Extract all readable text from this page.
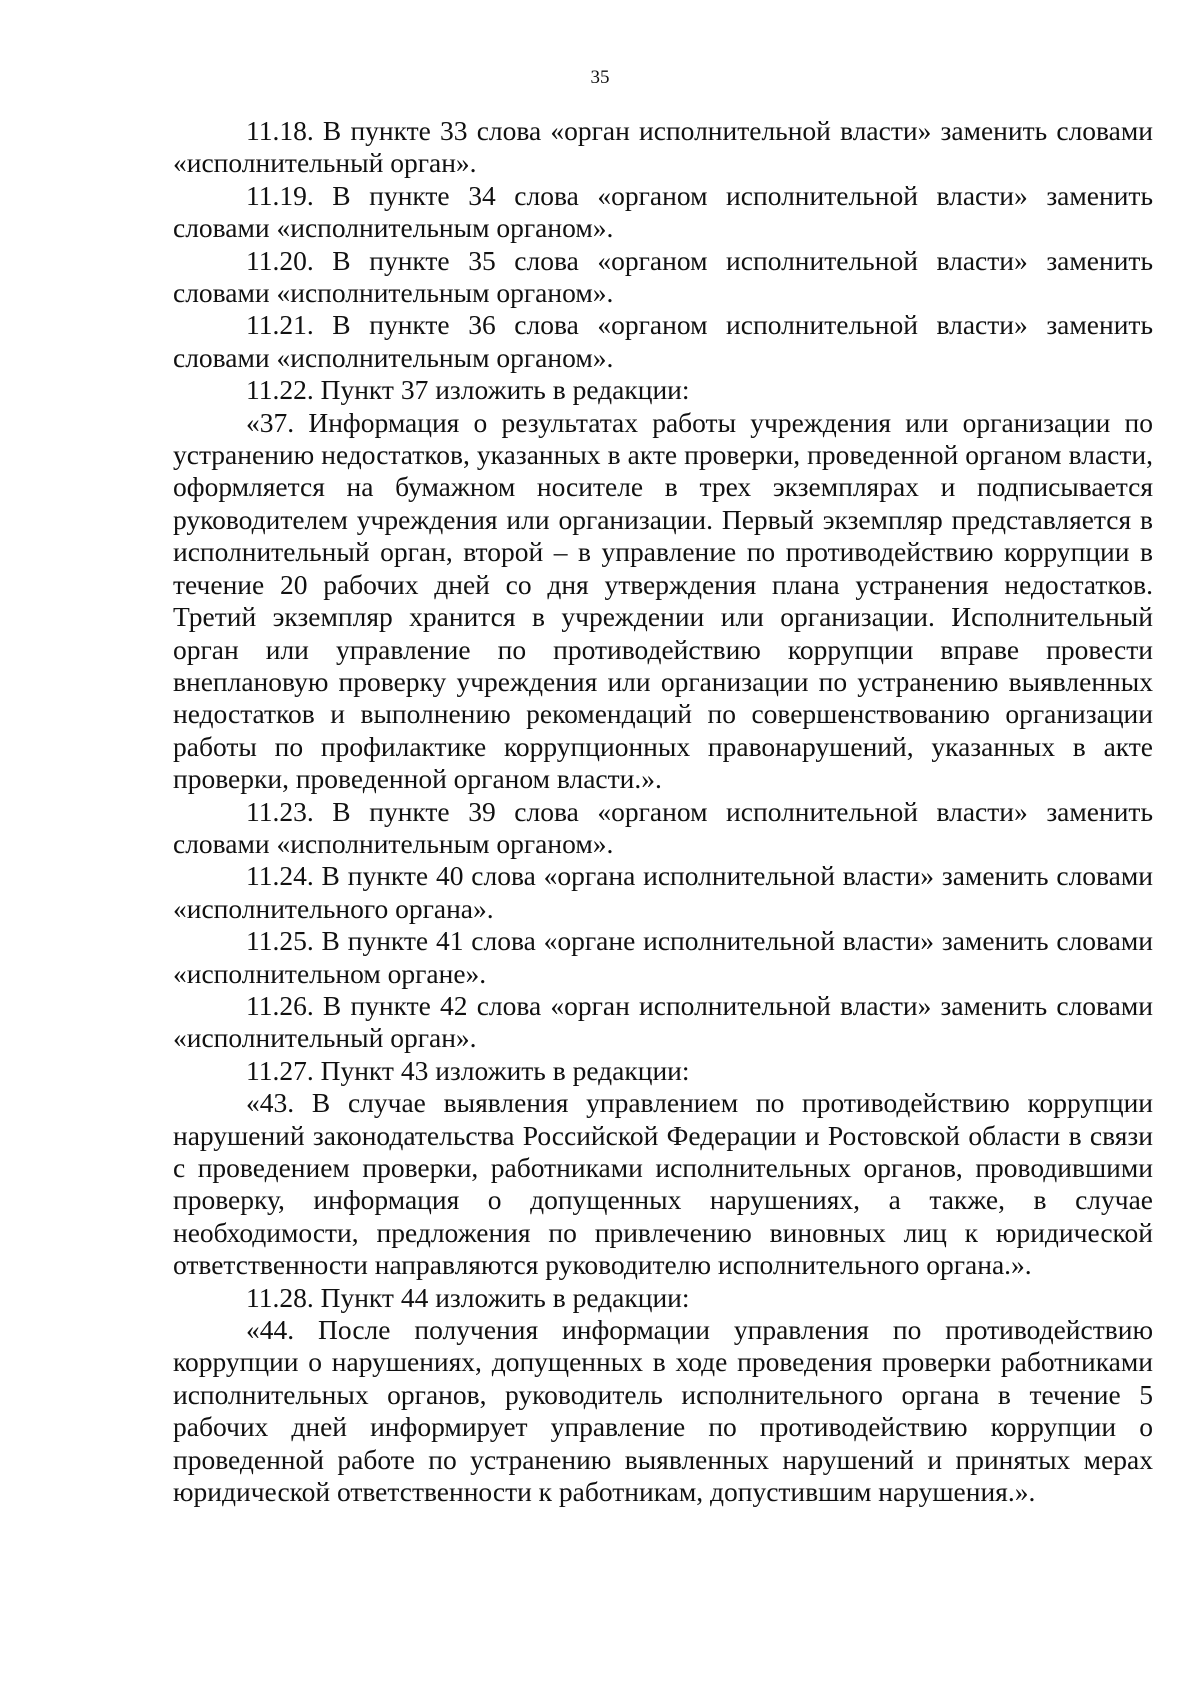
35

11.18. В пункте 33 слова «орган исполнительной власти» заменить словами «исполнительный орган».

11.19. В пункте 34 слова «органом исполнительной власти» заменить словами «исполнительным органом».

11.20. В пункте 35 слова «органом исполнительной власти» заменить словами «исполнительным органом».

11.21. В пункте 36 слова «органом исполнительной власти» заменить словами «исполнительным органом».

11.22. Пункт 37 изложить в редакции:

«37. Информация о результатах работы учреждения или организации по устранению недостатков, указанных в акте проверки, проведенной органом власти, оформляется на бумажном носителе в трех экземплярах и подписывается руководителем учреждения или организации. Первый экземпляр представляется в исполнительный орган, второй – в управление по противодействию коррупции в течение 20 рабочих дней со дня утверждения плана устранения недостатков. Третий экземпляр хранится в учреждении или организации. Исполнительный орган или управление по противодействию коррупции вправе провести внеплановую проверку учреждения или организации по устранению выявленных недостатков и выполнению рекомендаций по совершенствованию организации работы по профилактике коррупционных правонарушений, указанных в акте проверки, проведенной органом власти.».

11.23. В пункте 39 слова «органом исполнительной власти» заменить словами «исполнительным органом».

11.24. В пункте 40 слова «органа исполнительной власти» заменить словами «исполнительного органа».

11.25. В пункте 41 слова «органе исполнительной власти» заменить словами «исполнительном органе».

11.26. В пункте 42 слова «орган исполнительной власти» заменить словами «исполнительный орган».

11.27. Пункт 43 изложить в редакции:

«43. В случае выявления управлением по противодействию коррупции нарушений законодательства Российской Федерации и Ростовской области в связи с проведением проверки, работниками исполнительных органов, проводившими проверку, информация о допущенных нарушениях, а также, в случае необходимости, предложения по привлечению виновных лиц к юридической ответственности направляются руководителю исполнительного органа.».

11.28. Пункт 44 изложить в редакции:

«44. После получения информации управления по противодействию коррупции о нарушениях, допущенных в ходе проведения проверки работниками исполнительных органов, руководитель исполнительного органа в течение 5 рабочих дней информирует управление по противодействию коррупции о проведенной работе по устранению выявленных нарушений и принятых мерах юридической ответственности к работникам, допустившим нарушения.».
